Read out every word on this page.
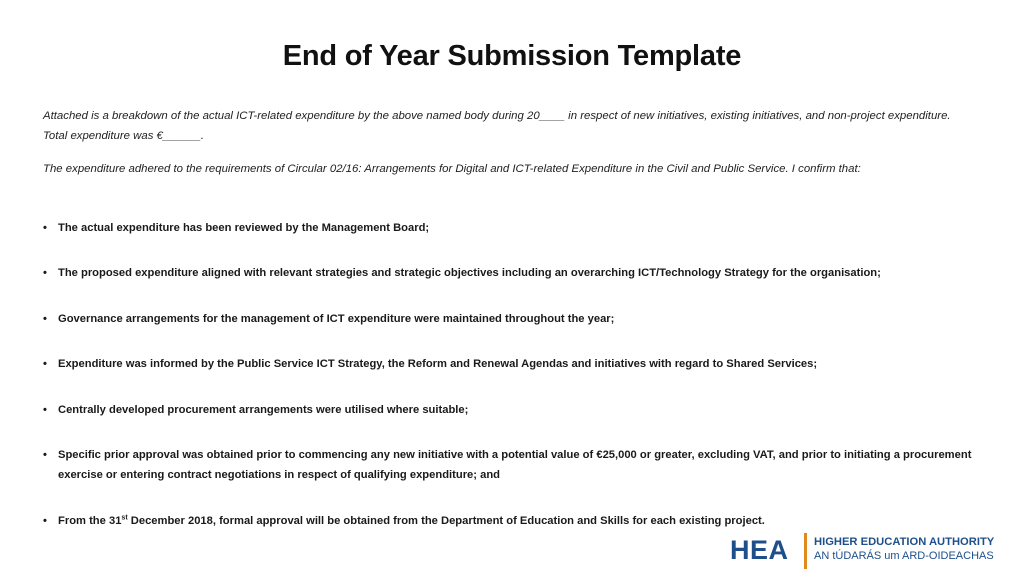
End of Year Submission Template
Attached is a breakdown of the actual ICT-related expenditure by the above named body during 20____ in respect of new initiatives, existing initiatives, and non-project expenditure. Total expenditure was €______.
The expenditure adhered to the requirements of Circular 02/16: Arrangements for Digital and ICT-related Expenditure in the Civil and Public Service. I confirm that:
• The actual expenditure has been reviewed by the Management Board;
• The proposed expenditure aligned with relevant strategies and strategic objectives including an overarching ICT/Technology Strategy for the organisation;
• Governance arrangements for the management of ICT expenditure were maintained throughout the year;
• Expenditure was informed by the Public Service ICT Strategy, the Reform and Renewal Agendas and initiatives with regard to Shared Services;
• Centrally developed procurement arrangements were utilised where suitable;
• Specific prior approval was obtained prior to commencing any new initiative with a potential value of €25,000 or greater, excluding VAT, and prior to initiating a procurement exercise or entering contract negotiations in respect of qualifying expenditure; and
• From the 31st December 2018, formal approval will be obtained from the Department of Education and Skills for each existing project.
HEA HIGHER EDUCATION AUTHORITY
AN tÚDARÁS um ARD-OIDEACHAS
